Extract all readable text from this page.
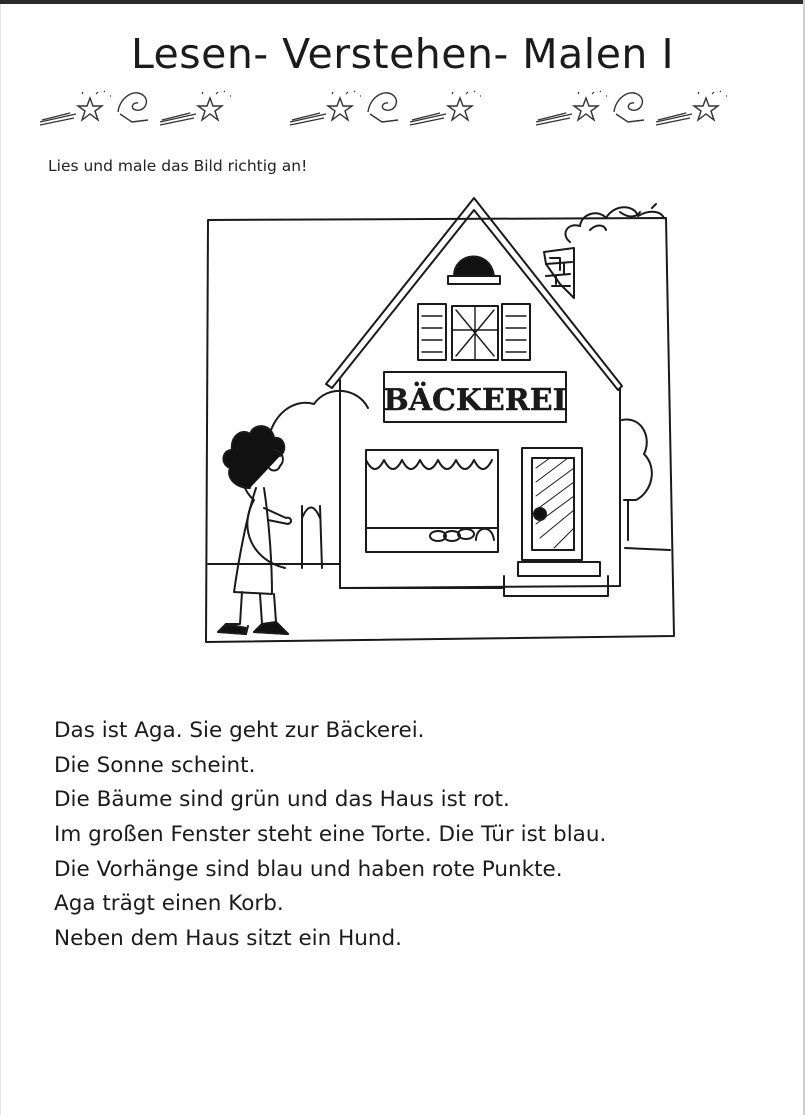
Lesen- Verstehen- Malen I
Lies und male das Bild richtig an!
BÄCKEREI
Das ist Aga. Sie geht zur Bäckerei.
Die Sonne scheint.
Die Bäume sind grün und das Haus ist rot.
Im großen Fenster steht eine Torte. Die Tür ist blau.
Die Vorhänge sind blau und haben rote Punkte.
Aga trägt einen Korb.
Neben dem Haus sitzt ein Hund.
